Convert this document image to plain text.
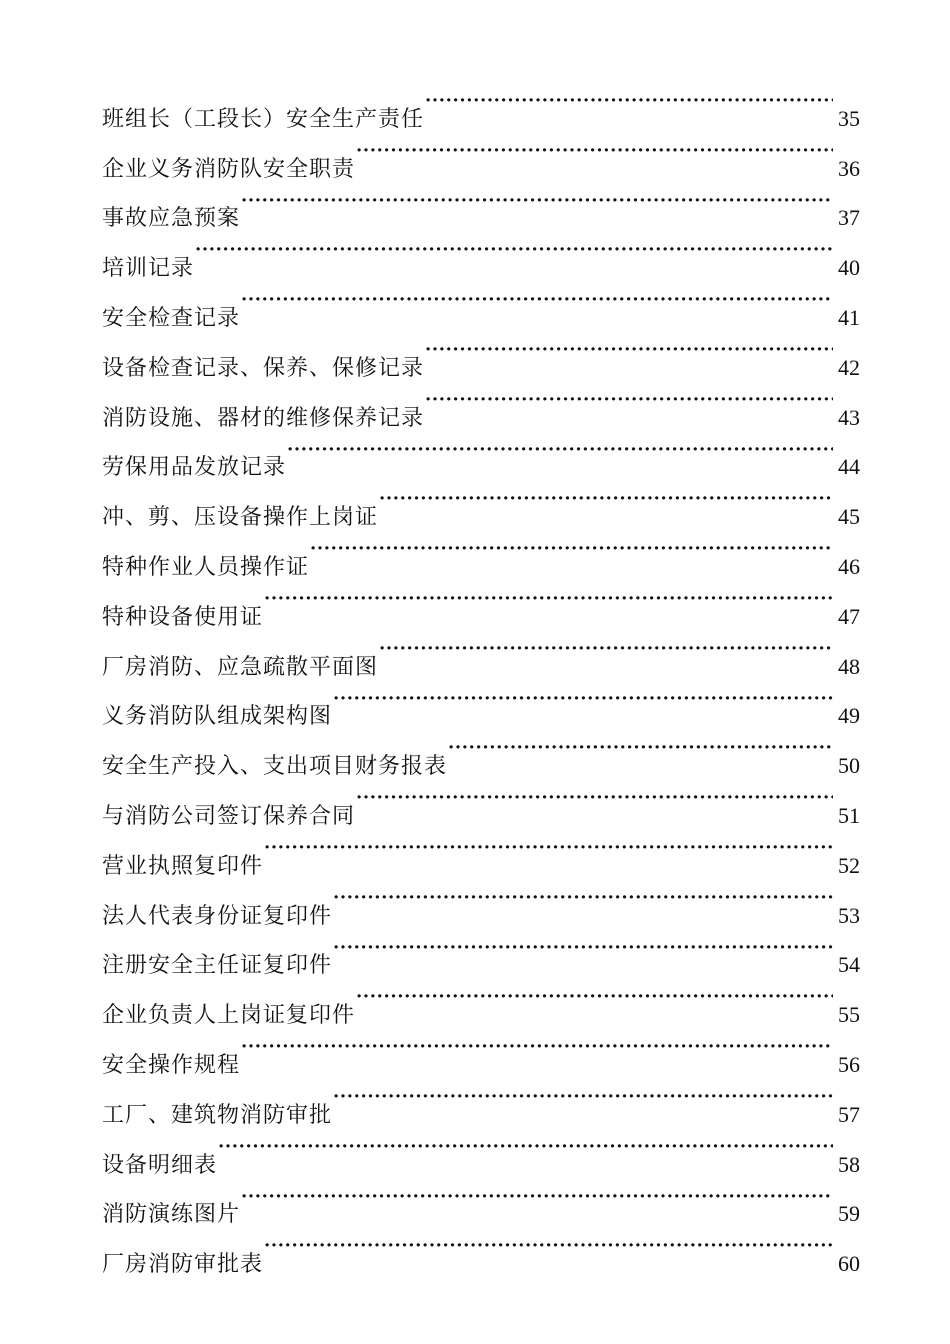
班组长（工段长）安全生产责任 ·····	35
企业义务消防队安全职责 ·····	36
事故应急预案 ·····	37
培训记录 ·····	40
安全检查记录 ·····	41
设备检查记录、保养、保修记录 ·····	42
消防设施、器材的维修保养记录 ·····	43
劳保用品发放记录 ·····	44
冲、剪、压设备操作上岗证 ·····	45
特种作业人员操作证 ·····	46
特种设备使用证 ·····	47
厂房消防、应急疏散平面图 ·····	48
义务消防队组成架构图 ·····	49
安全生产投入、支出项目财务报表 ·····	50
与消防公司签订保养合同 ·····	51
营业执照复印件 ·····	52
法人代表身份证复印件 ·····	53
注册安全主任证复印件 ·····	54
企业负责人上岗证复印件 ·····	55
安全操作规程 ·····	56
工厂、建筑物消防审批 ·····	57
设备明细表 ·····	58
消防演练图片 ·····	59
厂房消防审批表 ·····	60
